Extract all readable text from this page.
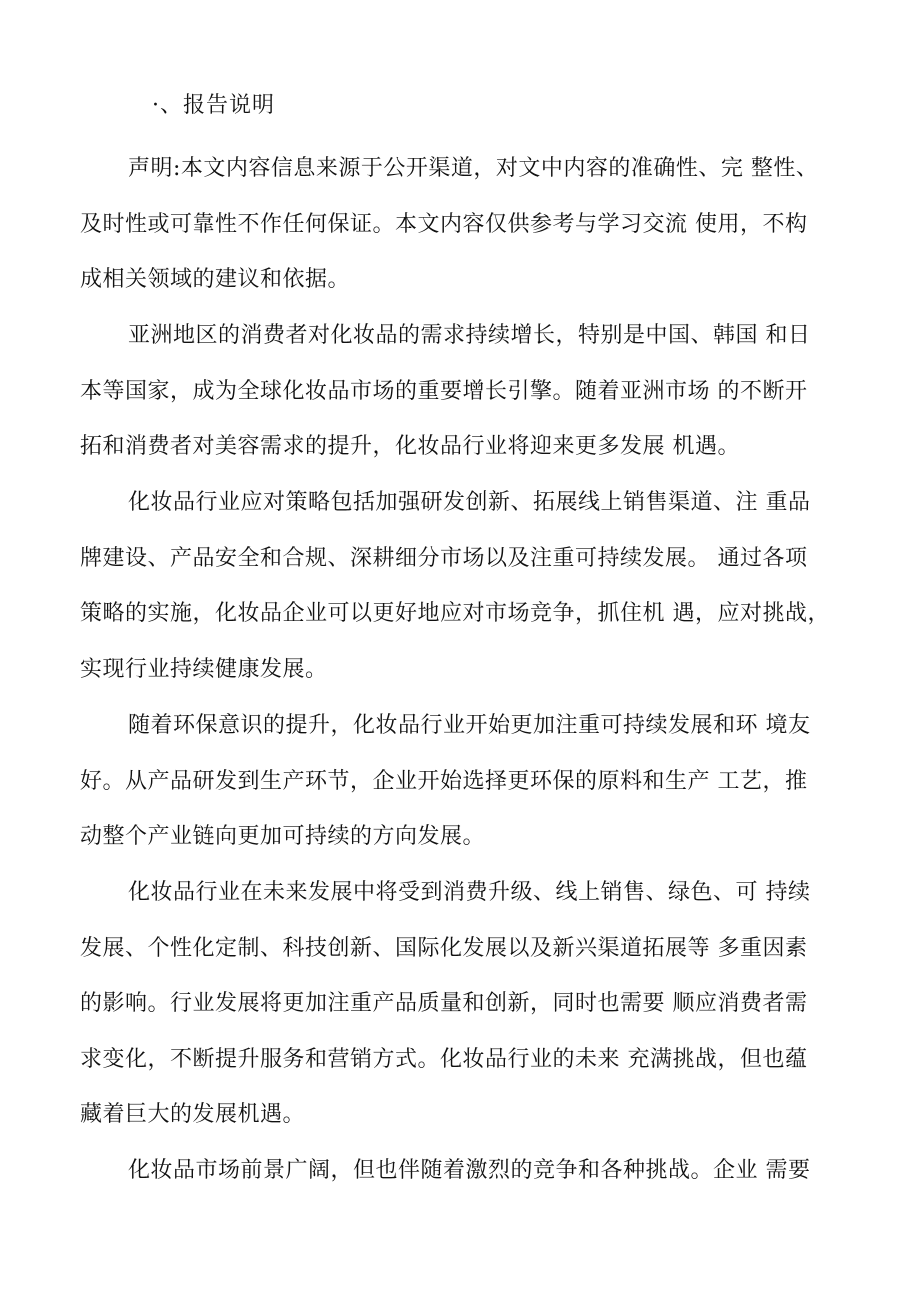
·、报告说明
声明:本文内容信息来源于公开渠道，对文中内容的准确性、完 整性、
及时性或可靠性不作任何保证。本文内容仅供参考与学习交流 使用，不构
成相关领域的建议和依据。
亚洲地区的消费者对化妆品的需求持续增长，特别是中国、韩国 和日
本等国家，成为全球化妆品市场的重要增长引擎。随着亚洲市场 的不断开
拓和消费者对美容需求的提升，化妆品行业将迎来更多发展 机遇。
化妆品行业应对策略包括加强研发创新、拓展线上销售渠道、注 重品
牌建设、产品安全和合规、深耕细分市场以及注重可持续发展。 通过各项
策略的实施，化妆品企业可以更好地应对市场竞争，抓住机 遇，应对挑战，
实现行业持续健康发展。
随着环保意识的提升，化妆品行业开始更加注重可持续发展和环 境友
好。从产品研发到生产环节，企业开始选择更环保的原料和生产 工艺，推
动整个产业链向更加可持续的方向发展。
化妆品行业在未来发展中将受到消费升级、线上销售、绿色、可 持续
发展、个性化定制、科技创新、国际化发展以及新兴渠道拓展等 多重因素
的影响。行业发展将更加注重产品质量和创新，同时也需要 顺应消费者需
求变化，不断提升服务和营销方式。化妆品行业的未来 充满挑战，但也蕴
藏着巨大的发展机遇。
化妆品市场前景广阔，但也伴随着激烈的竞争和各种挑战。企业 需要
